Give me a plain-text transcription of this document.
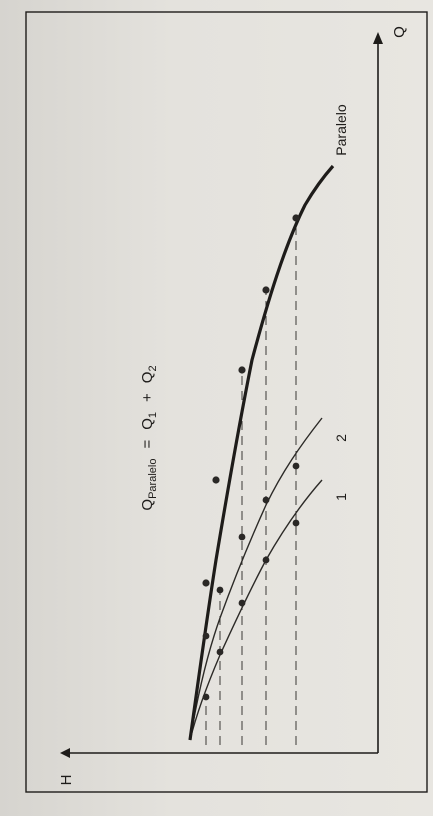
H
Q
1
2
Paralelo
$Q_{Paralelo}=Q_1+Q_2$
